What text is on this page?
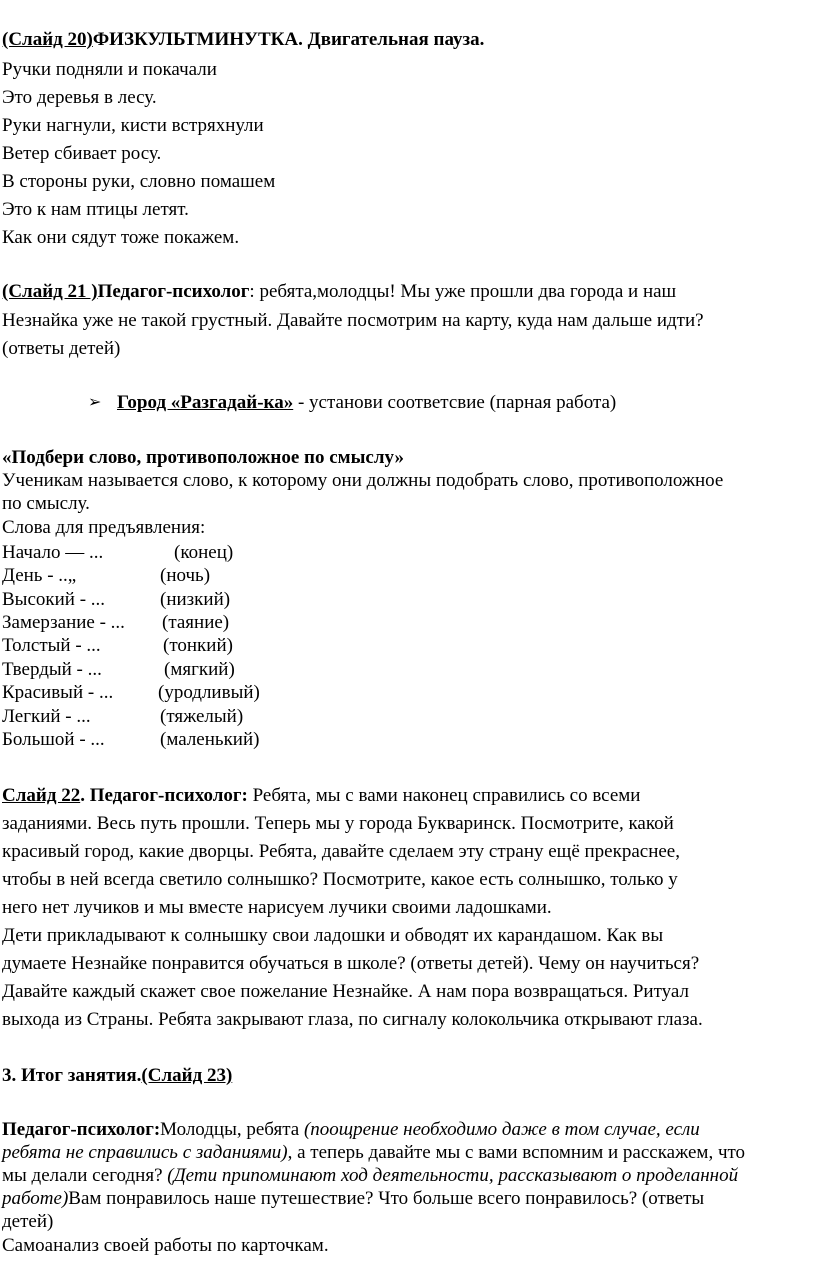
(Слайд 20)ФИЗКУЛЬТМИНУТКА. Двигательная пауза.
Ручки подняли и покачали
Это деревья в лесу.
Руки нагнули, кисти встряхнули
Ветер сбивает росу.
В стороны руки, словно помашем
Это к нам птицы летят.
Как они сядут тоже покажем.
(Слайд 21 )Педагог-психолог: ребята,молодцы! Мы уже прошли два города и наш
Незнайка уже не такой грустный. Давайте посмотрим на карту, куда нам дальше идти?
(ответы детей)
➢ Город «Разгадай-ка» - установи соответсвие (парная работа)
«Подбери слово, противоположное по смыслу»
Ученикам называется слово, к которому они должны подобрать слово, противоположное
по смыслу.
Слова для предъявления:
Начало — ...	(конец)
День - ..„	(ночь)
Высокий - ...	(низкий)
Замерзание - ... (таяние)
Толстый - ...	(тонкий)
Твердый - ...	(мягкий)
Красивый - ... (уродливый)
Легкий - ...	(тяжелый)
Большой - ...	(маленький)
Слайд 22. Педагог-психолог: Ребята, мы с вами наконец справились со всеми
заданиями. Весь путь прошли. Теперь мы у города Букваринск. Посмотрите, какой
красивый город, какие дворцы. Ребята, давайте сделаем эту страну ещё прекраснее,
чтобы в ней всегда светило солнышко? Посмотрите, какое есть солнышко, только у
него нет лучиков и мы вместе нарисуем лучики своими ладошками.
Дети прикладывают к солнышку свои ладошки и обводят их карандашом. Как вы
думаете Незнайке понравится обучаться в школе? (ответы детей). Чему он научиться?
Давайте каждый скажет свое пожелание Незнайке. А нам пора возвращаться. Ритуал
выхода из Страны. Ребята закрывают глаза, по сигналу колокольчика открывают глаза.
3. Итог занятия.(Слайд 23)
Педагог-психолог:Молодцы, ребята (поощрение необходимо даже в том случае, если
ребята не справились с заданиями), а теперь давайте мы с вами вспомним и расскажем, что
мы делали сегодня? (Дети припоминают ход деятельности, рассказывают о проделанной
работе)Вам понравилось наше путешествие? Что больше всего понравилось? (ответы
детей)
Самоанализ своей работы по карточкам.
